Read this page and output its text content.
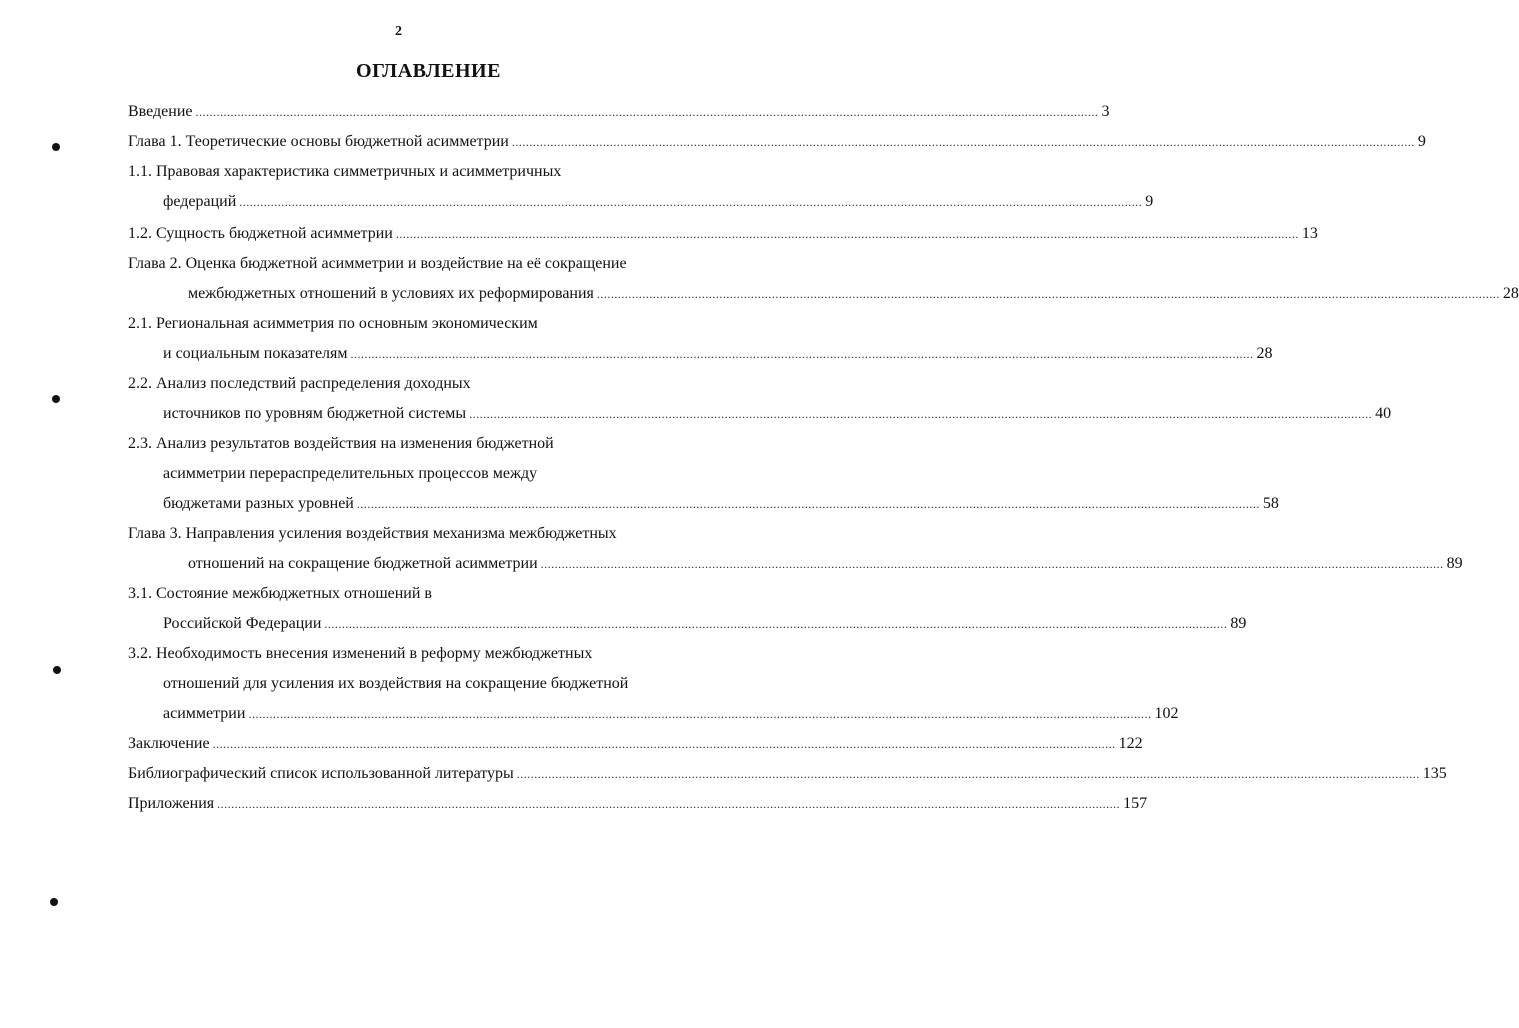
2
ОГЛАВЛЕНИЕ
Введение .................................................................................................................................................................................................................................................................. 3
Глава 1. Теоретические основы бюджетной асимметрии .................................................................................................................................................................................................................................................................. 9
1.1. Правовая характеристика симметричных и асимметричных
федераций .................................................................................................................................................................................................................................................................. 9
1.2. Сущность бюджетной асимметрии .................................................................................................................................................................................................................................................................. 13
Глава 2. Оценка бюджетной асимметрии и воздействие на её сокращение
межбюджетных отношений в условиях их реформирования .................................................................................................................................................................................................................................................................. 28
2.1. Региональная асимметрия по основным экономическим
и социальным показателям .................................................................................................................................................................................................................................................................. 28
2.2. Анализ последствий распределения доходных
источников по уровням бюджетной системы .................................................................................................................................................................................................................................................................. 40
2.3. Анализ результатов воздействия на изменения бюджетной
асимметрии перераспределительных процессов между
бюджетами разных уровней .................................................................................................................................................................................................................................................................. 58
Глава 3. Направления усиления воздействия механизма межбюджетных
отношений на сокращение бюджетной асимметрии .................................................................................................................................................................................................................................................................. 89
3.1. Состояние межбюджетных отношений в
Российской Федерации .................................................................................................................................................................................................................................................................. 89
3.2. Необходимость внесения изменений в реформу межбюджетных
отношений для усиления их воздействия на сокращение бюджетной
асимметрии .................................................................................................................................................................................................................................................................. 102
Заключение .................................................................................................................................................................................................................................................................. 122
Библиографический список использованной литературы .................................................................................................................................................................................................................................................................. 135
Приложения .................................................................................................................................................................................................................................................................. 157
